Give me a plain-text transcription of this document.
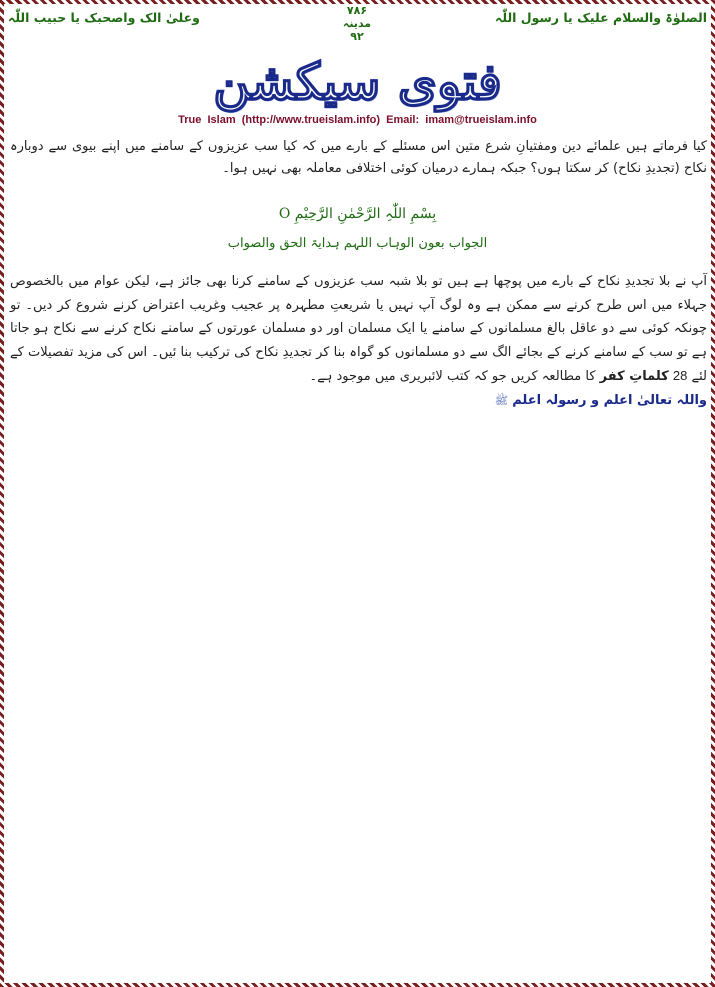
الصلوٰۃ والسلام علیک یا رسول اللّٰہ
۷۸۶
مدینہ
۹۲
وعلیٰ الک واصحبک یا حبیب اللّٰہ
فتوی سیکشن
True  Islam  (http://www.trueislam.info)  Email:  imam@trueislam.info
کیا فرماتے ہیں علمائے دین ومفتیانِ شرع متین اس مسئلے کے بارے میں کہ کیا سب عزیزوں کے سامنے میں اپنے بیوی سے دوبارہ نکاح (تجدیدِ نکاح) کر سکتا ہوں؟ جبکہ ہمارے درمیان کوئی اختلافی معاملہ بھی نہیں ہوا۔
بِسْمِ اللّٰہِ الرَّحْمٰنِ الرَّحِیْمِ O
الجواب بعون الوہاب اللہم ہدایۃ الحق والصواب
آپ نے بلا تجدیدِ نکاح کے بارے میں پوچھا ہے ہیں تو بلا شبہ سب عزیزوں کے سامنے کرنا بھی جائز ہے، لیکن عوام میں بالخصوص جہلاء میں اس طرح کرنے سے ممکن ہے وہ لوگ آپ نہیں یا شریعتِ مطہرہ پر عجیب وغریب اعتراض کرنے شروع کر دیں۔ تو چونکہ کوئی سے دو عاقل بالغ مسلمانوں کے سامنے یا ایک مسلمان اور دو مسلمان عورتوں کے سامنے نکاح کرنے سے نکاح ہو جاتا ہے تو سب کے سامنے کرنے کے بجائے الگ سے دو مسلمانوں کو گواہ بنا کر تجدیدِ نکاح کی ترکیب بنا ئیں۔ اس کی مزید تفصیلات کے لئے 28 کلماتِ کفر کا مطالعہ کریں جو کہ کتب لائبریری میں موجود ہے۔
واللہ تعالیٰ اعلم و رسولہ اعلم ﷺ
